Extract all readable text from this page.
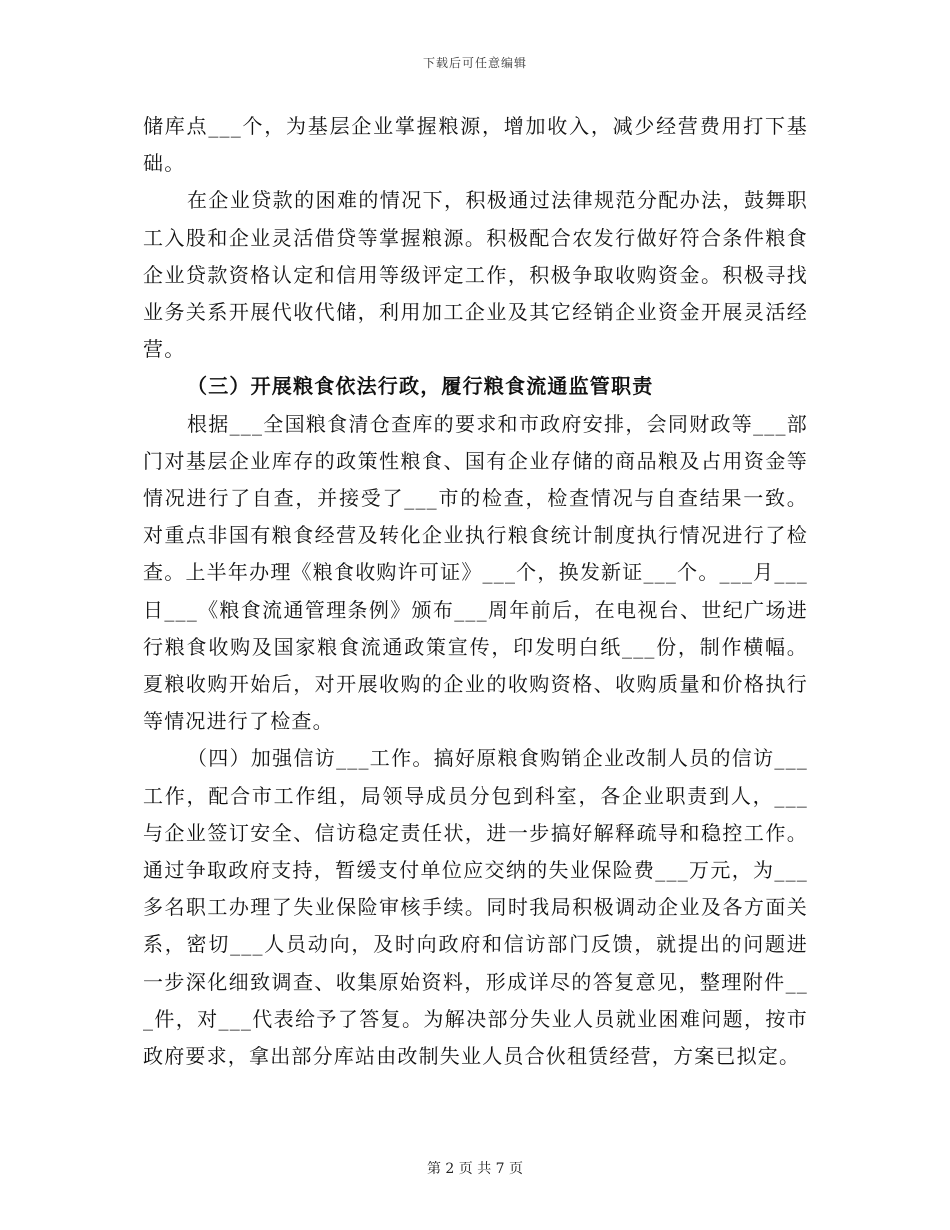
下载后可任意编辑

储库点___个，为基层企业掌握粮源，增加收入，减少经营费用打下基础。

在企业贷款的困难的情况下，积极通过法律规范分配办法，鼓舞职工入股和企业灵活借贷等掌握粮源。积极配合农发行做好符合条件粮食企业贷款资格认定和信用等级评定工作，积极争取收购资金。积极寻找业务关系开展代收代储，利用加工企业及其它经销企业资金开展灵活经营。

（三）开展粮食依法行政，履行粮食流通监管职责

根据___全国粮食清仓查库的要求和市政府安排，会同财政等___部门对基层企业库存的政策性粮食、国有企业存储的商品粮及占用资金等情况进行了自查，并接受了___市的检查，检查情况与自查结果一致。对重点非国有粮食经营及转化企业执行粮食统计制度执行情况进行了检查。上半年办理《粮食收购许可证》___个，换发新证___个。___月___日___《粮食流通管理条例》颁布___周年前后，在电视台、世纪广场进行粮食收购及国家粮食流通政策宣传，印发明白纸___份，制作横幅。夏粮收购开始后，对开展收购的企业的收购资格、收购质量和价格执行等情况进行了检查。

（四）加强信访___工作。搞好原粮食购销企业改制人员的信访___工作，配合市工作组，局领导成员分包到科室，各企业职责到人，___与企业签订安全、信访稳定责任状，进一步搞好解释疏导和稳控工作。通过争取政府支持，暂缓支付单位应交纳的失业保险费___万元，为___多名职工办理了失业保险审核手续。同时我局积极调动企业及各方面关系，密切___人员动向，及时向政府和信访部门反馈，就提出的问题进一步深化细致调查、收集原始资料，形成详尽的答复意见，整理附件___件，对___代表给予了答复。为解决部分失业人员就业困难问题，按市政府要求，拿出部分库站由改制失业人员合伙租赁经营，方案已拟定。

第 2 页 共 7 页
